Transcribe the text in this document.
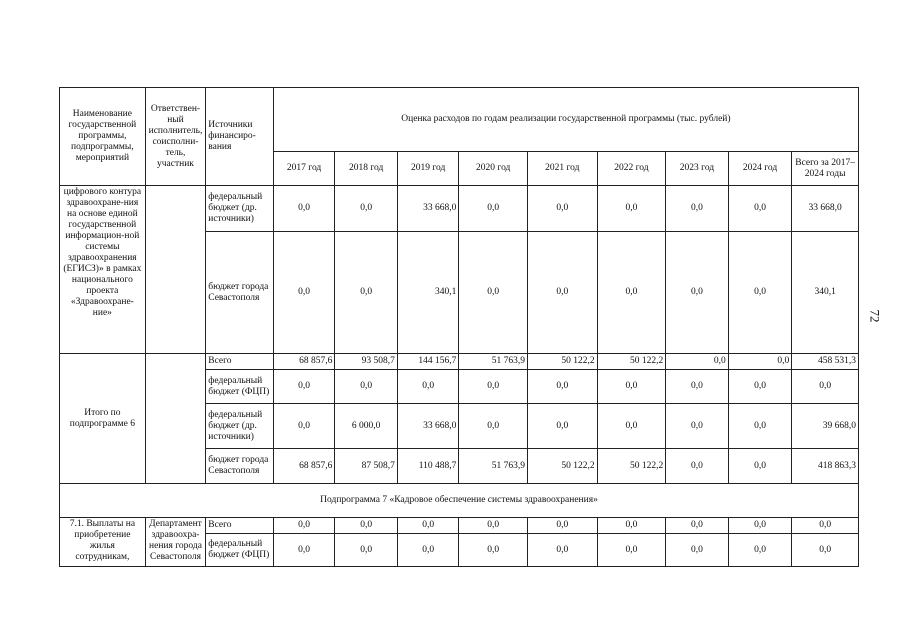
72
Наименование государственной программы, подпрограммы, мероприятий	Ответствен-ный исполнитель, соисполни-тель, участник	Источники финансиро-вания	Оценка расходов по годам реализации государственной программы (тыс. рублей)								
			2017 год	2018 год	2019 год	2020 год	2021 год	2022 год	2023 год	2024 год	Всего за 2017–2024 годы
цифрового контура здравоохране-ния на основе единой государственной информацион-ной системы здравоохранения (ЕГИСЗ)» в рамках национального проекта «Здравоохране-ние»		федеральный бюджет (др. источники)	0,0	0,0	33 668,0	0,0	0,0	0,0	0,0	0,0	33 668,0
		бюджет города Севастополя	0,0	0,0	340,1	0,0	0,0	0,0	0,0	0,0	340,1
Итого по подпрограмме 6		Всего	68 857,6	93 508,7	144 156,7	51 763,9	50 122,2	50 122,2	0,0	0,0	458 531,3
		федеральный бюджет (ФЦП)	0,0	0,0	0,0	0,0	0,0	0,0	0,0	0,0	0,0
		федеральный бюджет (др. источники)	0,0	6 000,0	33 668,0	0,0	0,0	0,0	0,0	0,0	39 668,0
		бюджет города Севастополя	68 857,6	87 508,7	110 488,7	51 763,9	50 122,2	50 122,2	0,0	0,0	418 863,3
Подпрограмма 7 «Кадровое обеспечение системы здравоохранения»											
7.1. Выплаты на приобретение жилья сотрудникам,	Департамент здравоохра-нения города Севастополя	Всего	0,0	0,0	0,0	0,0	0,0	0,0	0,0	0,0	0,0
		федеральный бюджет (ФЦП)	0,0	0,0	0,0	0,0	0,0	0,0	0,0	0,0	0,0
